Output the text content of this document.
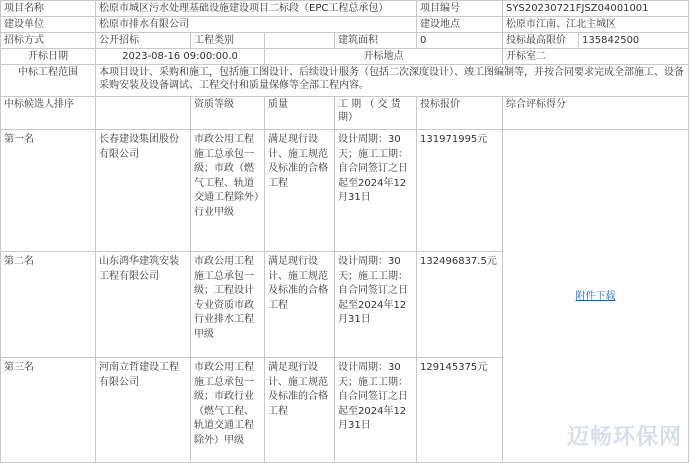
项目名称	松原市城区污水处理基础设施建设项目二标段（EPC工程总承包）				项目编号	SYS20230721FJSZ04001001	
建设单位	松原市排水有限公司				建设地点	松原市江南、江北主城区	
招标方式	公开招标	工程类别		建筑面积	0	投标最高限价	135842500
开标日期	2023-08-16 09:00:00.0		开标地点			开标室二	
中标工程范围	本项目设计、采购和施工，包括施工图设计、后续设计服务（包括二次深度设计）、竣工图编制等，并按合同要求完成全部施工、设备采购安装及设备调试、工程交付和质量保修等全部工程内容。						
中标候选人排序		资质等级	质量	工 期 （ 交 货 期）	投标报价	综合评标得分	
第一名	长春建设集团股份有限公司	市政公用工程施工总承包一级；市政（燃气工程、轨道交通工程除外）行业甲级	满足现行设计、施工规范及标准的合格工程	设计周期：30天；施工工期：自合同签订之日起至2024年12月31日	131971995元	附件下载	
第二名	山东鸿华建筑安装工程有限公司	市政公用工程施工总承包一级；工程设计专业资质市政行业排水工程甲级	满足现行设计、施工规范及标准的合格工程	设计周期：30天；施工工期：自合同签订之日起至2024年12月31日	132496837.5元		
第三名	河南立哲建设工程有限公司	市政公用工程施工总承包一级；市政行业（燃气工程、轨道交通工程除外）甲级	满足现行设计、施工规范及标准的合格工程	设计周期：30天；施工工期：自合同签订之日起至2024年12月31日	129145375元		
迈畅环保网
